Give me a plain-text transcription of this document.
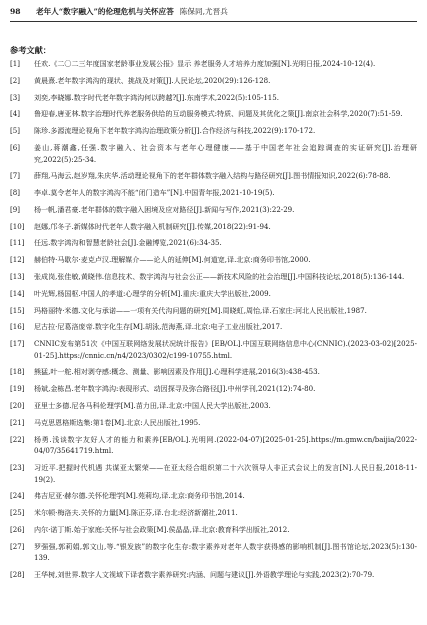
98 老年人“数字融入”的伦理危机与关怀应答 陈保同,尤晋兵
参考文献：
[1]	任欢.《二〇二三年度国家老龄事业发展公报》显示 养老服务人才培养力度加强[N].光明日报,2024-10-12(4).
[2]	黄晨熹.老年数字鸿沟的现状、挑战及对策[J].人民论坛,2020(29):126-128.
[3]	刘奕,李晓娜.数字时代老年数字鸿沟何以跨越?[J].东南学术,2022(5):105-115.
[4]	鲁迎春,唐亚林.数字治理时代养老服务供给的互动服务模式:特质、问题及其优化之策[J].南京社会科学,2020(7):51-59.
[5]	陈珍.多源流理论视角下老年数字鸿沟治理政策分析[J].合作经济与科技,2022(9):170-172.
[6]	姜山,蒋潮鑫,任强.数字融入、社会资本与老年心理健康——基于中国老年社会追踪调查的实证研究[J].治理研究,2022(5):25-34.
[7]	薛翔,马海云,赵岁翔,朱庆华.活动理论视角下的老年群体数字融入结构与路径研究[J].图书情报知识,2022(6):78-88.
[8]	李卓.莫令老年人的数字鸿沟不能“闭门造车”[N].中国青年报,2021-10-19(5).
[9]	杨一帆,潘君豪.老年群体的数字融入困境及应对路径[J].新闻与写作,2021(3):22-29.
[10]	赵娜,邝冬子.新媒体时代老年人数字融入机制研究[J].传媒,2018(22):91-94.
[11]	任远.数字鸿沟和智慧老龄社会[J].金融博览,2021(6):34-35.
[12]	赫伯特·马歇尔·麦克卢汉.理解媒介——论人的延伸[M].何道宽,译.北京:商务印书馆,2000.
[13]	张成岗,张佳敏,黄晓伟.信息技术、数字鸿沟与社会公正——新技术风险的社会治理[J].中国科技论坛,2018(5):136-144.
[14]	叶光辉,杨国枢.中国人的孝道:心理学的分析[M].重庆:重庆大学出版社,2009.
[15]	玛格丽特·米德.文化与承诺——一项有关代沟问题的研究[M].周晓虹,周怡,译.石家庄:河北人民出版社,1987.
[16]	尼古拉·尼葛洛庞帝.数字化生存[M].胡泳,范海燕,译.北京:电子工业出版社,2017.
[17]	CNNIC发布第51次《中国互联网络发展状况统计报告》[EB/OL].中国互联网络信息中心(CNNIC).(2023-03-02)[2025-01-25].https://cnnic.cn/n4/2023/0302/c199-10755.html.
[18]	熊猛,叶一舵.相对剥夺感:概念、测量、影响因素及作用[J].心理科学进展,2016(3):438-453.
[19]	杨斌,金栋昌.老年数字鸿沟:表现形式、动因探寻及弥合路径[J].中州学刊,2021(12):74-80.
[20]	亚里士多德.尼各马科伦理学[M].苗力田,译.北京:中国人民大学出版社,2003.
[21]	马克思恩格斯选集:第1卷[M].北京:人民出版社,1995.
[22]	杨勇.浅谈数字友好人才的能力和素养[EB/OL].光明网.(2022-04-07)[2025-01-25].https://m.gmw.cn/baijia/2022-04/07/35641719.html.
[23]	习近平.把握时代机遇 共谋亚太繁荣——在亚太经合组织第二十六次领导人非正式会议上的发言[N].人民日报,2018-11-19(2).
[24]	弗吉尼亚·赫尔德.关怀伦理学[M].苑莉均,译.北京:商务印书馆,2014.
[25]	米尔顿·梅洛夫.关怀的力量[M].陈正芬,译.台北:经济新潮社,2011.
[26]	内尔·诺丁斯.始于家庭:关怀与社会政策[M].侯晶晶,译.北京:教育科学出版社,2012.
[27]	罗强强,郭莉娟,郭文山,等.“银发族”的数字化生存:数字素养对老年人数字获得感的影响机制[J].图书馆论坛,2023(5):130-139.
[28]	王华树,刘世界.数字人文视域下译者数字素养研究:内涵、问题与建议[J].外语教学理论与实践,2023(2):70-79.
